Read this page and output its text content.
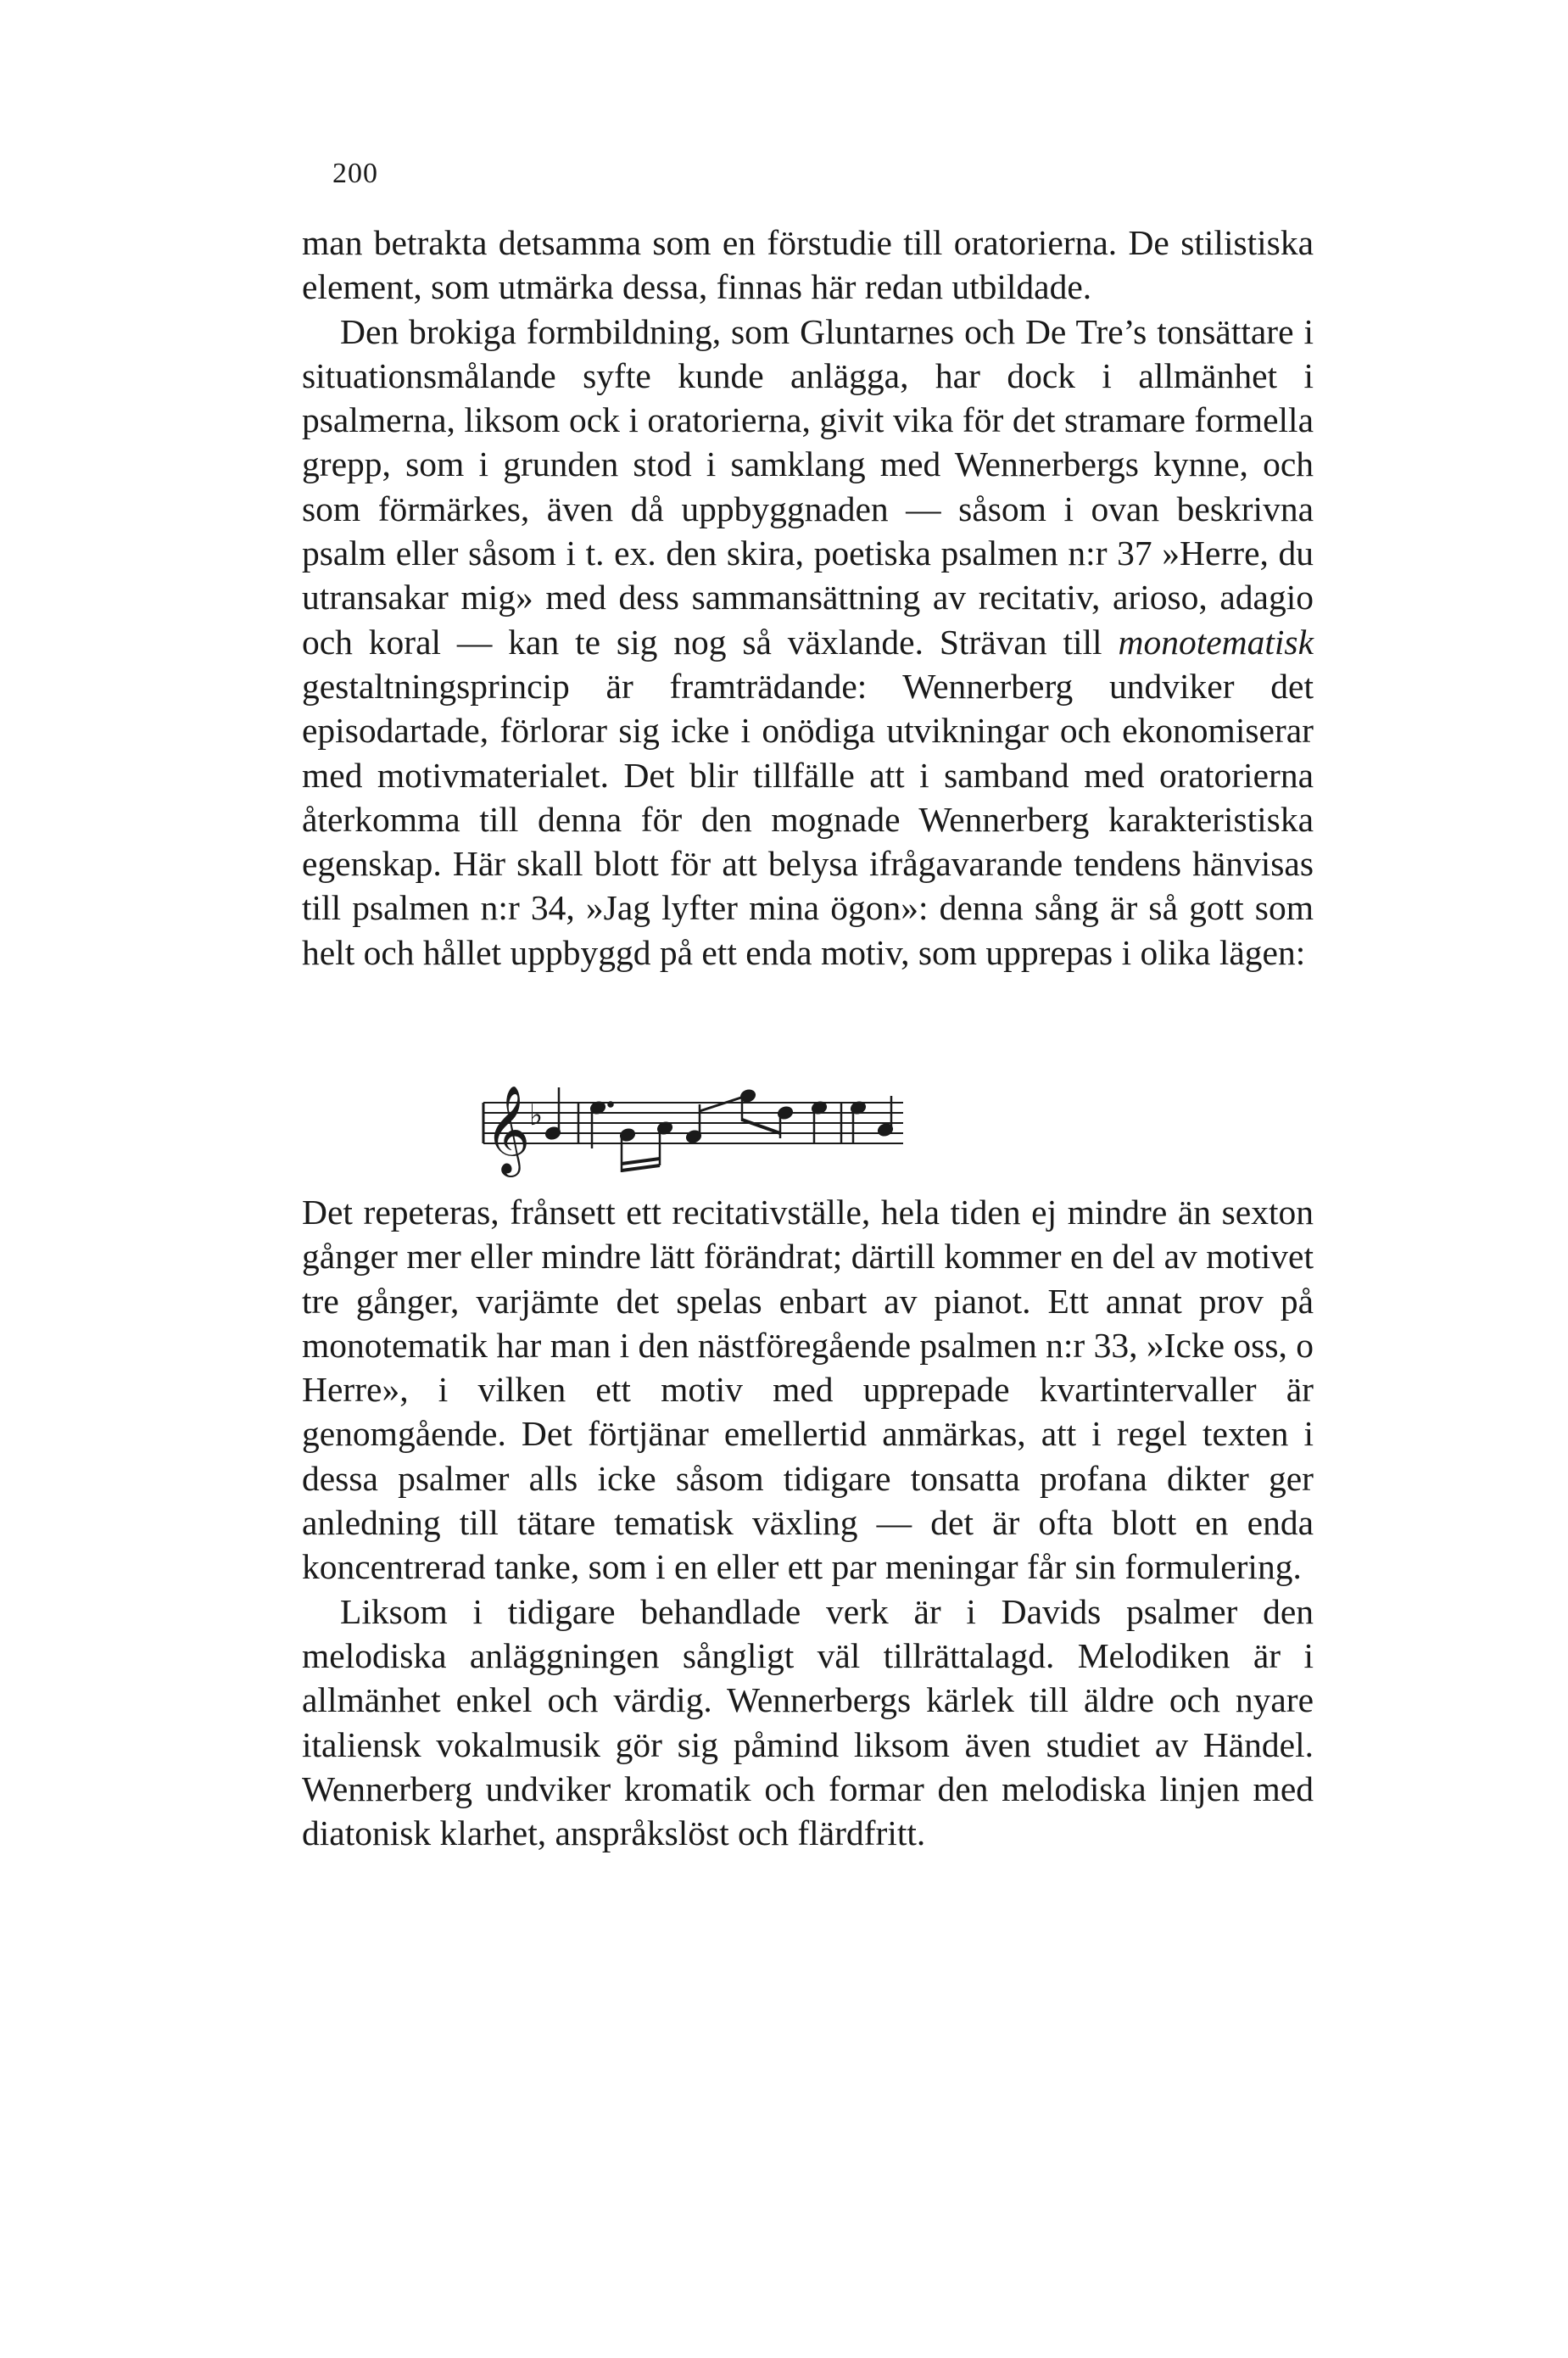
200

man betrakta detsamma som en förstudie till oratorierna. De stilistiska element, som utmärka dessa, finnas här redan utbildade.

Den brokiga formbildning, som Gluntarnes och De Tre’s tonsättare i situationsmålande syfte kunde anlägga, har dock i allmänhet i psalmerna, liksom ock i oratorierna, givit vika för det stramare formella grepp, som i grunden stod i samklang med Wennerbergs kynne, och som förmärkes, även då uppbyggnaden — såsom i ovan beskrivna psalm eller såsom i t. ex. den skira, poetiska psalmen n:r 37 »Herre, du utransakar mig» med dess sammansättning av recitativ, arioso, adagio och koral — kan te sig nog så växlande. Strävan till monotematisk gestaltningsprincip är framträdande: Wennerberg undviker det episodartade, förlorar sig icke i onödiga utvikningar och ekonomiserar med motivmaterialet. Det blir tillfälle att i samband med oratorierna återkomma till denna för den mognade Wennerberg karakteristiska egenskap. Här skall blott för att belysa ifrågavarande tendens hänvisas till psalmen n:r 34, »Jag lyfter mina ögon»: denna sång är så gott som helt och hållet uppbyggd på ett enda motiv, som upprepas i olika lägen:

𝄞
♭

Det repeteras, frånsett ett recitativställe, hela tiden ej mindre än sexton gånger mer eller mindre lätt förändrat; därtill kommer en del av motivet tre gånger, varjämte det spelas enbart av pianot. Ett annat prov på monotematik har man i den nästföregående psalmen n:r 33, »Icke oss, o Herre», i vilken ett motiv med upprepade kvartintervaller är genomgående. Det förtjänar emellertid anmärkas, att i regel texten i dessa psalmer alls icke såsom tidigare tonsatta profana dikter ger anledning till tätare tematisk växling — det är ofta blott en enda koncentrerad tanke, som i en eller ett par meningar får sin formulering.

Liksom i tidigare behandlade verk är i Davids psalmer den melodiska anläggningen sångligt väl tillrättalagd. Melodiken är i allmänhet enkel och värdig. Wennerbergs kärlek till äldre och nyare italiensk vokalmusik gör sig påmind liksom även studiet av Händel. Wennerberg undviker kromatik och formar den melodiska linjen med diatonisk klarhet, anspråkslöst och flärdfritt.
